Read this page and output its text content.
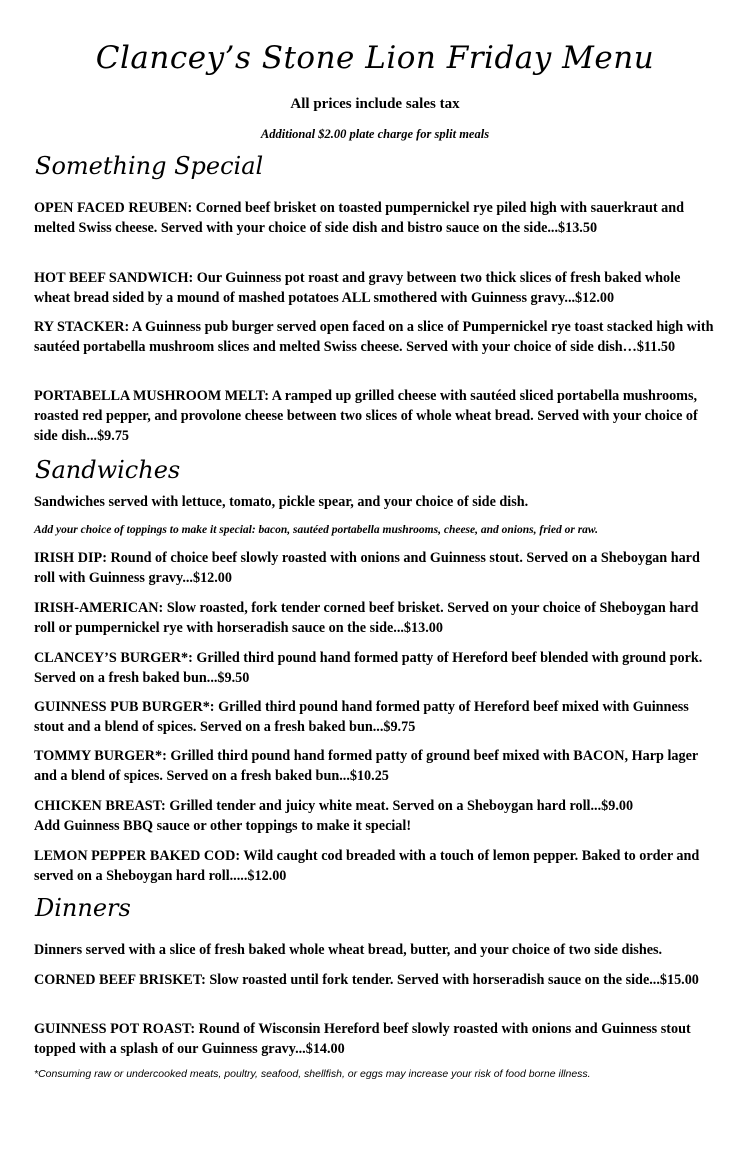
Clancey’s Stone Lion Friday Menu
All prices include sales tax
Additional $2.00 plate charge for split meals
Something Special
OPEN FACED REUBEN: Corned beef brisket on toasted pumpernickel rye piled high with sauerkraut and melted Swiss cheese. Served with your choice of side dish and bistro sauce on the side...$13.50
HOT BEEF SANDWICH: Our Guinness pot roast and gravy between two thick slices of fresh baked whole wheat bread sided by a mound of mashed potatoes ALL smothered with Guinness gravy...$12.00
RY STACKER: A Guinness pub burger served open faced on a slice of Pumpernickel rye toast stacked high with sautéed portabella mushroom slices and melted Swiss cheese. Served with your choice of side dish…$11.50
PORTABELLA MUSHROOM MELT: A ramped up grilled cheese with sautéed sliced portabella mushrooms, roasted red pepper, and provolone cheese between two slices of whole wheat bread. Served with your choice of side dish...$9.75
Sandwiches
Sandwiches served with lettuce, tomato, pickle spear, and your choice of side dish.
Add your choice of toppings to make it special: bacon, sautéed portabella mushrooms, cheese, and onions, fried or raw.
IRISH DIP: Round of choice beef slowly roasted with onions and Guinness stout. Served on a Sheboygan hard roll with Guinness gravy...$12.00
IRISH-AMERICAN: Slow roasted, fork tender corned beef brisket. Served on your choice of Sheboygan hard roll or pumpernickel rye with horseradish sauce on the side...$13.00
CLANCEY’S BURGER*: Grilled third pound hand formed patty of Hereford beef blended with ground pork. Served on a fresh baked bun...$9.50
GUINNESS PUB BURGER*: Grilled third pound hand formed patty of Hereford beef mixed with Guinness stout and a blend of spices. Served on a fresh baked bun...$9.75
TOMMY BURGER*: Grilled third pound hand formed patty of ground beef mixed with BACON, Harp lager and a blend of spices. Served on a fresh baked bun...$10.25
CHICKEN BREAST: Grilled tender and juicy white meat. Served on a Sheboygan hard roll...$9.00
Add Guinness BBQ sauce or other toppings to make it special!
LEMON PEPPER BAKED COD: Wild caught cod breaded with a touch of lemon pepper. Baked to order and served on a Sheboygan hard roll.....$12.00
Dinners
Dinners served with a slice of fresh baked whole wheat bread, butter, and your choice of two side dishes.
CORNED BEEF BRISKET: Slow roasted until fork tender. Served with horseradish sauce on the side...$15.00
GUINNESS POT ROAST: Round of Wisconsin Hereford beef slowly roasted with onions and Guinness stout topped with a splash of our Guinness gravy...$14.00
*Consuming raw or undercooked meats, poultry, seafood, shellfish, or eggs may increase your risk of food borne illness.
